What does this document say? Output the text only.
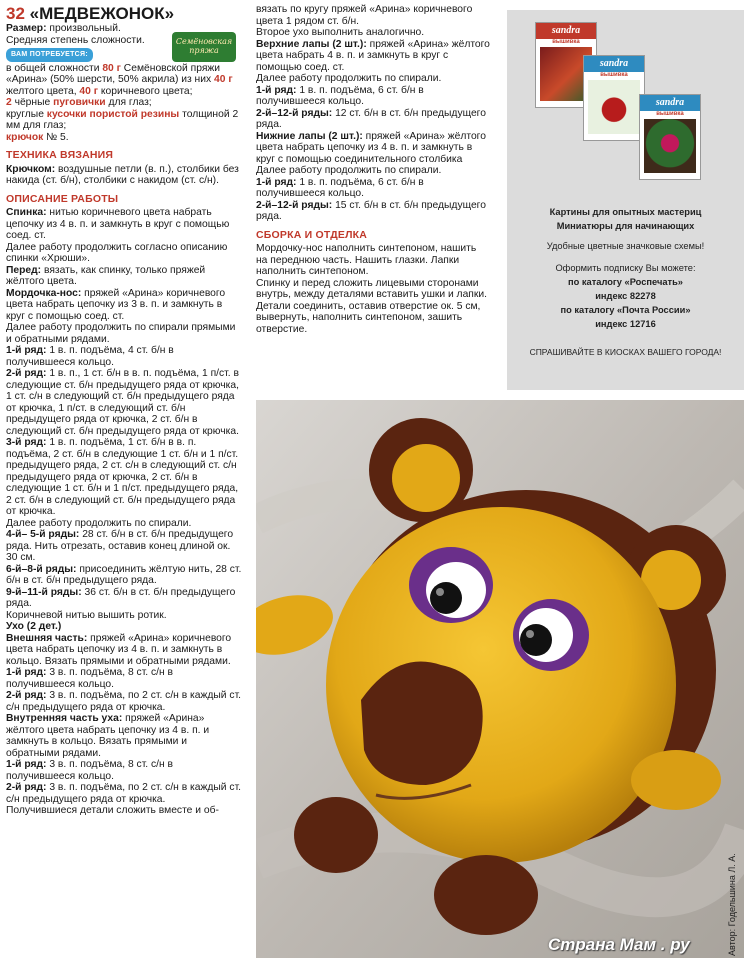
32 «МЕДВЕЖОНОК»

Размер: произвольный.

Средняя степень сложности.

ВАМ ПОТРЕБУЕТСЯ:

в общей сложности 80 г Семёновской пряжи «Арина» (50% шерсти, 50% акрила) из них 40 г желтого цвета, 40 г коричневого цвета;

2 чёрные пуговички для глаз;

круглые кусочки пористой резины толщиной 2 мм для глаз;

крючок № 5.

ТЕХНИКА ВЯЗАНИЯ

Крючком: воздушные петли (в. п.), столбики без накида (ст. б/н), столбики с накидом (ст. с/н).

ОПИСАНИЕ РАБОТЫ

Спинка: нитью коричневого цвета набрать цепочку из 4 в. п. и замкнуть в круг с помощью соед. ст.

Далее работу продолжить согласно описанию спинки «Хрюши».

Перед: вязать, как спинку, только пряжей жёлтого цвета.

Мордочка-нос: пряжей «Арина» коричневого цвета набрать цепочку из 3 в. п. и замкнуть в круг с помощью соед. ст.

Далее работу продолжить по спирали прямыми и обратными рядами.

1-й ряд: 1 в. п. подъёма, 4 ст. б/н в получившееся кольцо.

2-й ряд: 1 в. п., 1 ст. б/н в в. п. подъёма, 1 п/ст. в следующие ст. б/н предыдущего ряда от крючка, 1 ст. с/н в следующий ст. б/н предыдущего ряда от крючка, 1 п/ст. в следующий ст. б/н предыдущего ряда от крючка, 2 ст. б/н в следующий ст. б/н предыдущего ряда от крючка.

3-й ряд: 1 в. п. подъёма, 1 ст. б/н в в. п. подъёма, 2 ст. б/н в следующие 1 ст. б/н и 1 п/ст. предыдущего ряда, 2 ст. с/н в следующий ст. с/н предыдущего ряда от крючка, 2 ст. б/н в следующие 1 ст. б/н и 1 п/ст. предыдущего ряда, 2 ст. б/н в следующий ст. б/н предыдущего ряда от крючка.

Далее работу продолжить по спирали.

4-й– 5-й ряды: 28 ст. б/н в ст. б/н предыдущего ряда. Нить отрезать, оставив конец длиной ок. 30 см.

6-й–8-й ряды: присоединить жёлтую нить, 28 ст. б/н в ст. б/н предыдущего ряда.

9-й–11-й ряды: 36 ст. б/н в ст. б/н предыдущего ряда.

Коричневой нитью вышить ротик.

Ухо (2 дет.)

Внешняя часть: пряжей «Арина» коричневого цвета набрать цепочку из 4 в. п. и замкнуть в кольцо. Вязать прямыми и обратными рядами.

1-й ряд: 3 в. п. подъёма, 8 ст. с/н в получившееся кольцо.

2-й ряд: 3 в. п. подъёма, по 2 ст. с/н в каждый ст. с/н предыдущего ряда от крючка.

Внутренняя часть уха: пряжей «Арина» жёлтого цвета набрать цепочку из 4 в. п. и замкнуть в кольцо. Вязать прямыми и обратными рядами.

1-й ряд: 3 в. п. подъёма, 8 ст. с/н в получившееся кольцо.

2-й ряд: 3 в. п. подъёма, по 2 ст. с/н в каждый ст. с/н предыдущего ряда от крючка.

Получившиеся детали сложить вместе и об-

Семёновская пряжа

вязать по кругу пряжей «Арина» коричневого цвета 1 рядом ст. б/н.

Второе ухо выполнить аналогично.

Верхние лапы (2 шт.): пряжей «Арина» жёлтого цвета набрать 4 в. п. и замкнуть в круг с помощью соед. ст.

Далее работу продолжить по спирали.

1-й ряд: 1 в. п. подъёма, 6 ст. б/н в получившееся кольцо.

2-й–12-й ряды: 12 ст. б/н в ст. б/н предыдущего ряда.

Нижние лапы (2 шт.): пряжей «Арина» жёлтого цвета набрать цепочку из 4 в. п. и замкнуть в круг с помощью соединительного столбика

Далее работу продолжить по спирали.

1-й ряд: 1 в. п. подъёма, 6 ст. б/н в получившееся кольцо.

2-й–12-й ряды: 15 ст. б/н в ст. б/н предыдущего ряда.

СБОРКА И ОТДЕЛКА

Мордочку-нос наполнить синтепоном, нашить на переднюю часть. Нашить глазки. Лапки наполнить синтепоном.

Спинку и перед сложить лицевыми сторонами внутрь, между деталями вставить ушки и лапки.

Детали соединить, оставив отверстие ок. 5 см, вывернуть, наполнить синтепоном, зашить отверстие.

sandra
вышивка
sandra
вышивка
sandra
вышивка
Картины для опытных мастериц
Миниатюры для начинающих
Удобные цветные значковые схемы!
Оформить подписку Вы можете:
по каталогу «Роспечать»
индекс 82278
по каталогу «Почта России»
индекс 12716
СПРАШИВАЙТЕ В КИОСКАХ ВАШЕГО ГОРОДА!
Автор: Годельшина Л. А.
Страна Мам . ру
